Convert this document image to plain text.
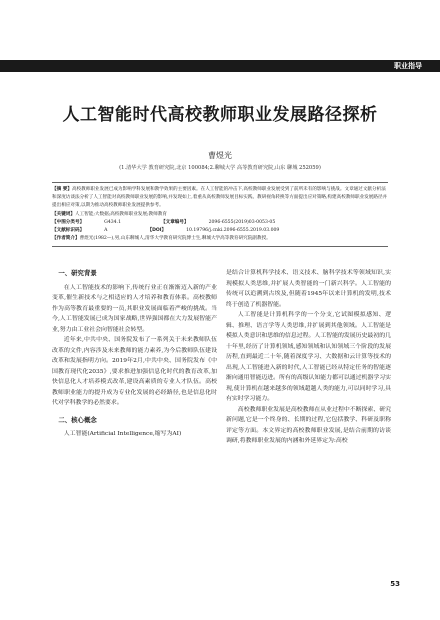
职业指导
人工智能时代高校教师职业发展路径探析
曹煜光
(1.清华大学 教育研究院,北京 100084;2.聊城大学 高等教育研究院,山东 聊城 252059)

【摘 要】高校教师职业发展已成为影响学科发展和教学效果的主要因素。在人工智能的冲击下,高校教师职业发展受到了前所未有的影响与挑战。文章通过文献分析法和深度访谈法分析了人工智能对高校教师职业发展的影响,并发现如上,着重从高校教师发展目标实践、教研视角转换等方面提出应对策略,构建高校教师职业发展路径并提出相应对策,以期为推动高校教师职业发展提供参考。

【关键词】人工智能;大数据;高校教师职业发展;教师教育

【中图分类号】	G434.1	【文章编号】	2096-6555(2019)03-0053-05
【文献标识码】	A	【DOI】	10.19796/j.cnki.2096-6555.2019.03.009

【作者简介】曹煜光(1982—),男,山东聊城人,清华大学教育研究院博士生,聊城大学高等教育研究院副教授。

一、研究背景

在人工智能技术的影响下,传统行业正在渐渐迈入新的产业变革,催生新技术与之相适应的人才培养和教育体系。高校教师作为高等教育最重要的一员,其职业发展面临着严峻的挑战。当今,人工智能发展已成为国家战略,世界强国都在大力发展智能产业,努力由工业社会向智能社会转型。

近年来,中共中央、国务院发布了一系列关于未来教师队伍改革的文件,内容涉及未来教师的能力素养,为今后教师队伍建设改革和发展指明方向。2019年2月,中共中央、国务院发布《中国教育现代化2035》,要求推进加强信息化时代的教育改革,加快信息化人才培养模式改革,建设高素质的专业人才队伍。高校教师职业能力的提升成为专业化发展的必经路径,也是信息化时代对学科教学的必然要求。

二、核心概念

人工智能(Artificial Intelligence,缩写为AI)

是结合计算机科学技术、语义技术、脑科学技术等领域知识,实现模拟人类思维,并扩展人类智能的一门新兴科学。人工智能的传统可以追溯到古埃及,但随着1945年以来计算机的发明,技术终于创造了机器智能。

人工智能是计算机科学的一个分支,它试图模拟感知、逻辑、推理、语言学等人类思维,并扩展到其他领域。人工智能是模拟人类意识和思维的信息过程。人工智能的发展历史最初的几十年里,经历了计算机领域,感知领域和认知领域三个阶段的发展历程,直到最近二十年,随着深度学习、大数据和云计算等技术的出现,人工智能进入新的时代,人工智能已经从特定任务的智能逐渐向通用智能迈进。所有的高级认知能力都可以通过机器学习实现,使计算机在越来越多的领域超越人类的能力,可以同时学习,具有实时学习能力。

高校教师职业发展是高校教师在从业过程中不断探索、研究新问题,它是一个终身的、长期的过程,它包括教学、科研及职称评定等方面。本文界定的高校教师职业发展,是结合前期的访谈调研,将教师职业发展的内涵和外延界定为:高校

53
